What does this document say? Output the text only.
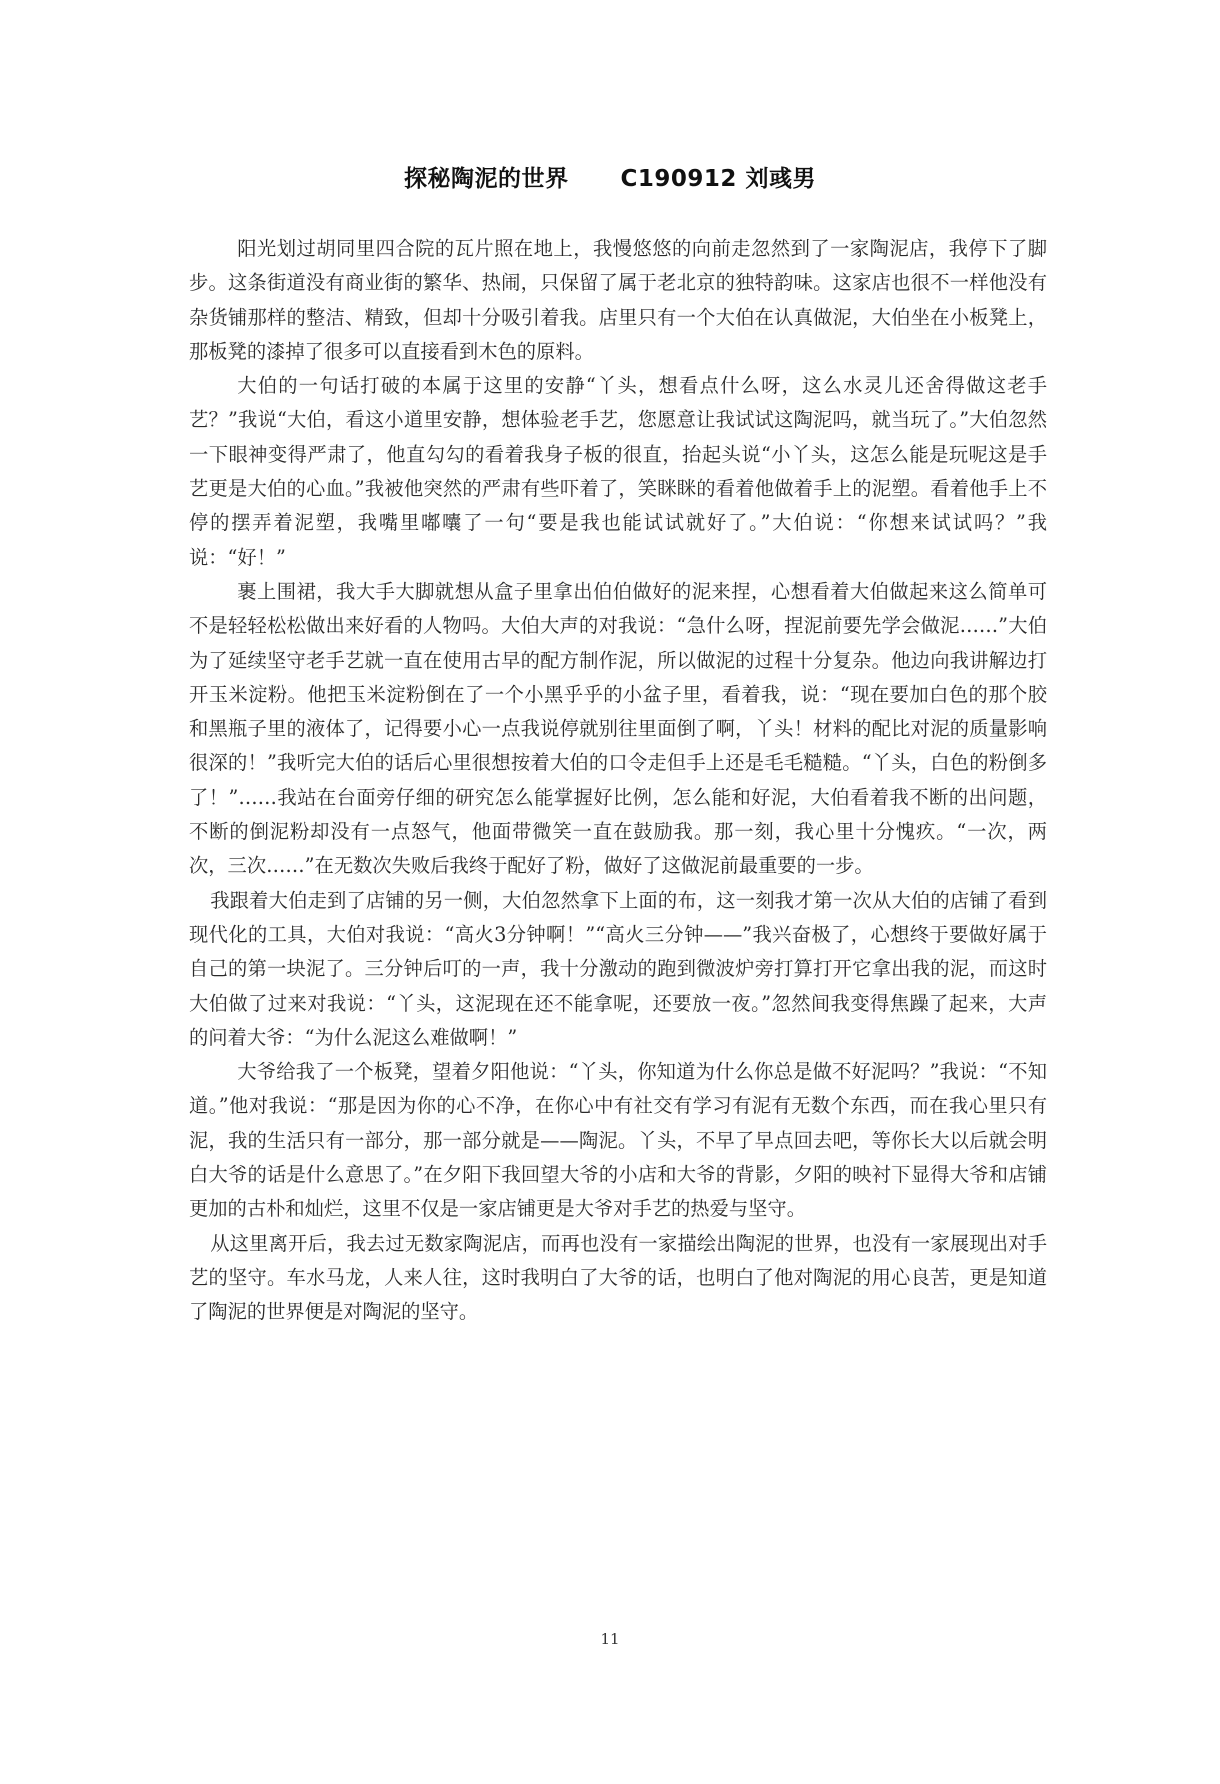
探秘陶泥的世界 C190912 刘彧男

阳光划过胡同里四合院的瓦片照在地上，我慢悠悠的向前走忽然到了一家陶泥店，我停下了脚步。这条街道没有商业街的繁华、热闹，只保留了属于老北京的独特韵味。这家店也很不一样他没有杂货铺那样的整洁、精致，但却十分吸引着我。店里只有一个大伯在认真做泥，大伯坐在小板凳上，那板凳的漆掉了很多可以直接看到木色的原料。

大伯的一句话打破的本属于这里的安静“丫头，想看点什么呀，这么水灵儿还舍得做这老手艺？”我说“大伯，看这小道里安静，想体验老手艺，您愿意让我试试这陶泥吗，就当玩了。”大伯忽然一下眼神变得严肃了，他直勾勾的看着我身子板的很直，抬起头说“小丫头，这怎么能是玩呢这是手艺更是大伯的心血。”我被他突然的严肃有些吓着了，笑眯眯的看着他做着手上的泥塑。看着他手上不停的摆弄着泥塑，我嘴里嘟囔了一句“要是我也能试试就好了。”大伯说：“你想来试试吗？”我说：“好！”

裹上围裙，我大手大脚就想从盒子里拿出伯伯做好的泥来捏，心想看着大伯做起来这么简单可不是轻轻松松做出来好看的人物吗。大伯大声的对我说：“急什么呀，捏泥前要先学会做泥……”大伯为了延续坚守老手艺就一直在使用古早的配方制作泥，所以做泥的过程十分复杂。他边向我讲解边打开玉米淀粉。他把玉米淀粉倒在了一个小黑乎乎的小盆子里，看着我，说：“现在要加白色的那个胶和黑瓶子里的液体了，记得要小心一点我说停就别往里面倒了啊，丫头！材料的配比对泥的质量影响很深的！”我听完大伯的话后心里很想按着大伯的口令走但手上还是毛毛糙糙。“丫头，白色的粉倒多了！”……我站在台面旁仔细的研究怎么能掌握好比例，怎么能和好泥，大伯看着我不断的出问题，不断的倒泥粉却没有一点怒气，他面带微笑一直在鼓励我。那一刻，我心里十分愧疚。“一次，两次，三次……”在无数次失败后我终于配好了粉，做好了这做泥前最重要的一步。

我跟着大伯走到了店铺的另一侧，大伯忽然拿下上面的布，这一刻我才第一次从大伯的店铺了看到现代化的工具，大伯对我说：“高火3分钟啊！”“高火三分钟——”我兴奋极了，心想终于要做好属于自己的第一块泥了。三分钟后叮的一声，我十分激动的跑到微波炉旁打算打开它拿出我的泥，而这时大伯做了过来对我说：“丫头，这泥现在还不能拿呢，还要放一夜。”忽然间我变得焦躁了起来，大声的问着大爷：“为什么泥这么难做啊！”

大爷给我了一个板凳，望着夕阳他说：“丫头，你知道为什么你总是做不好泥吗？”我说：“不知道。”他对我说：“那是因为你的心不净，在你心中有社交有学习有泥有无数个东西，而在我心里只有泥，我的生活只有一部分，那一部分就是——陶泥。丫头，不早了早点回去吧，等你长大以后就会明白大爷的话是什么意思了。”在夕阳下我回望大爷的小店和大爷的背影，夕阳的映衬下显得大爷和店铺更加的古朴和灿烂，这里不仅是一家店铺更是大爷对手艺的热爱与坚守。

从这里离开后，我去过无数家陶泥店，而再也没有一家描绘出陶泥的世界，也没有一家展现出对手艺的坚守。车水马龙，人来人往，这时我明白了大爷的话，也明白了他对陶泥的用心良苦，更是知道了陶泥的世界便是对陶泥的坚守。

11
